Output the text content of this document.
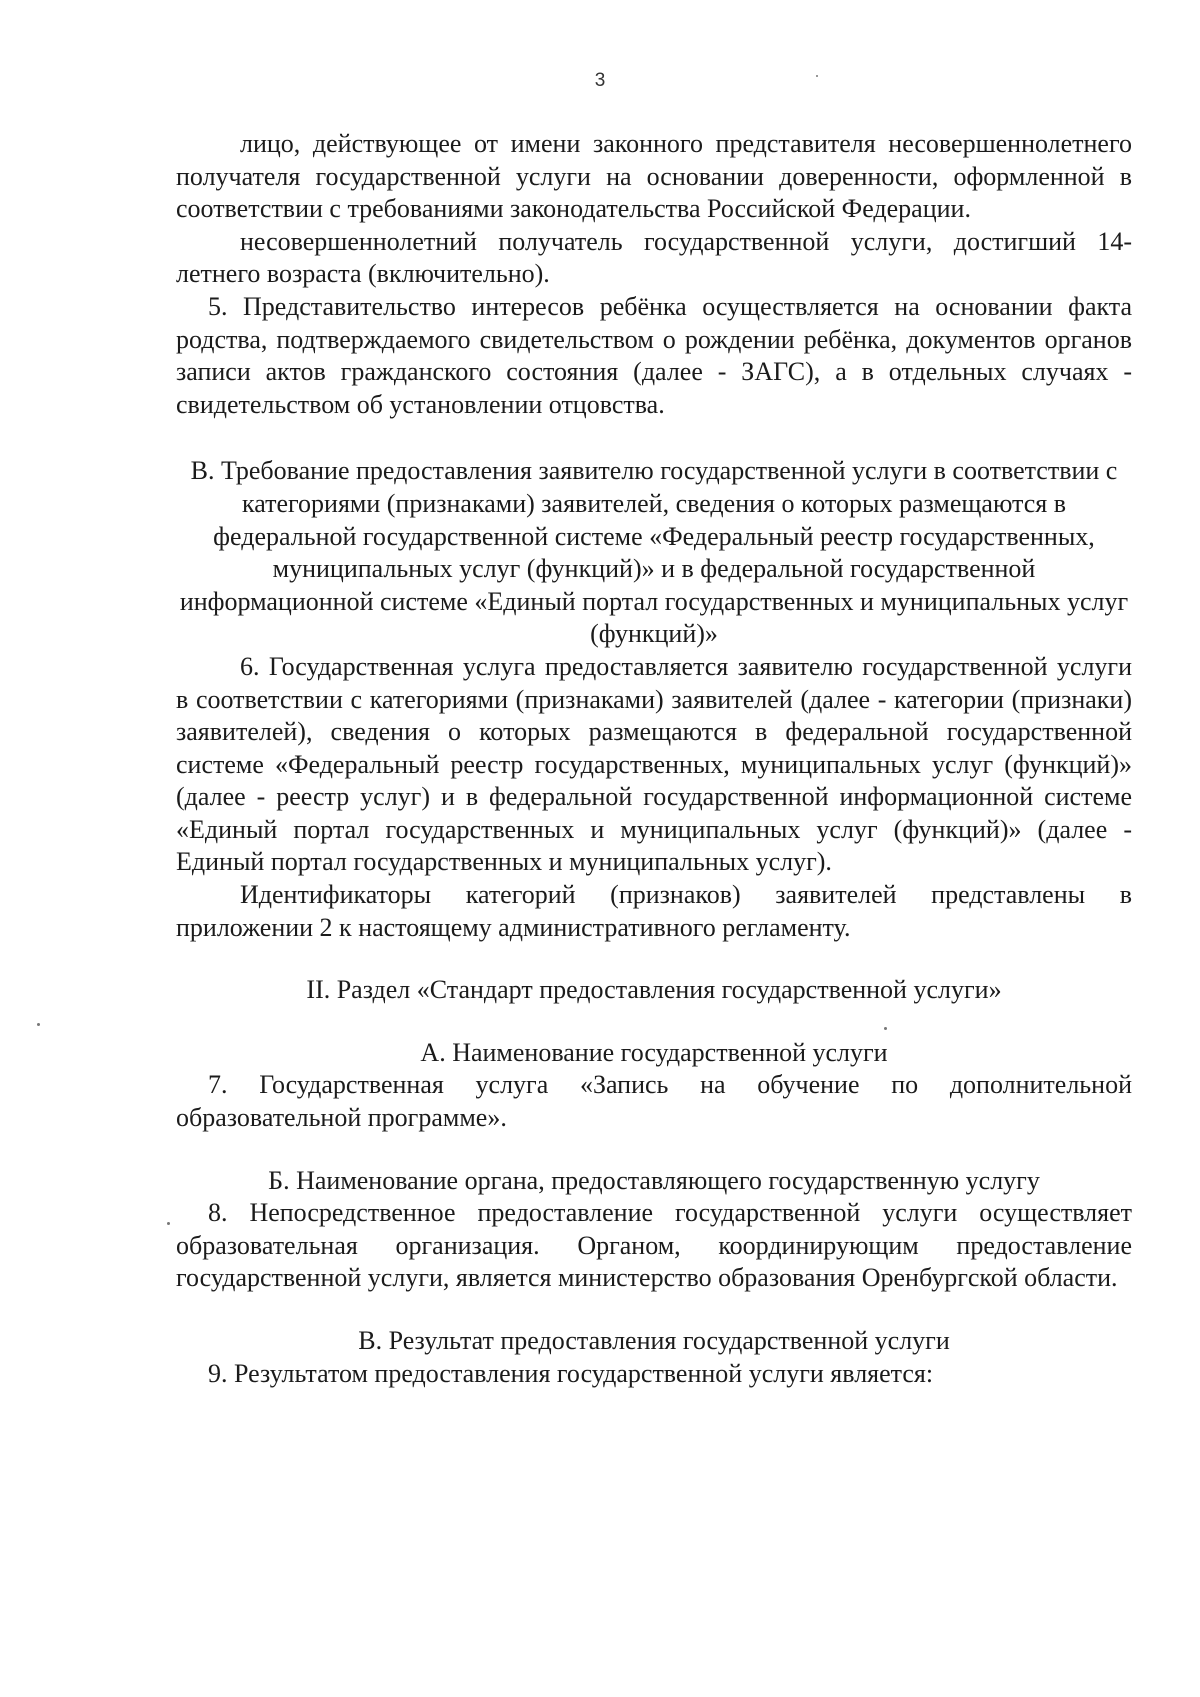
3

лицо, действующее от имени законного представителя несовершеннолетнего получателя государственной услуги на основании доверенности, оформленной в соответствии с требованиями законодательства Российской Федерации.

несовершеннолетний получатель государственной услуги, достигший 14-летнего возраста (включительно).

5. Представительство интересов ребёнка осуществляется на основании факта родства, подтверждаемого свидетельством о рождении ребёнка, документов органов записи актов гражданского состояния (далее - ЗАГС), а в отдельных случаях - свидетельством об установлении отцовства.

В. Требование предоставления заявителю государственной услуги в соответствии с категориями (признаками) заявителей, сведения о которых размещаются в федеральной государственной системе «Федеральный реестр государственных, муниципальных услуг (функций)» и в федеральной государственной информационной системе «Единый портал государственных и муниципальных услуг (функций)»

6. Государственная услуга предоставляется заявителю государственной услуги в соответствии с категориями (признаками) заявителей (далее - категории (признаки) заявителей), сведения о которых размещаются в федеральной государственной системе «Федеральный реестр государственных, муниципальных услуг (функций)» (далее - реестр услуг) и в федеральной государственной информационной системе «Единый портал государственных и муниципальных услуг (функций)» (далее - Единый портал государственных и муниципальных услуг).

Идентификаторы категорий (признаков) заявителей представлены в приложении 2 к настоящему административного регламенту.

II. Раздел «Стандарт предоставления государственной услуги»

А. Наименование государственной услуги

7. Государственная услуга «Запись на обучение по дополнительной образовательной программе».

Б. Наименование органа, предоставляющего государственную услугу

8. Непосредственное предоставление государственной услуги осуществляет образовательная организация. Органом, координирующим предоставление государственной услуги, является министерство образования Оренбургской области.

В. Результат предоставления государственной услуги

9. Результатом предоставления государственной услуги является:
